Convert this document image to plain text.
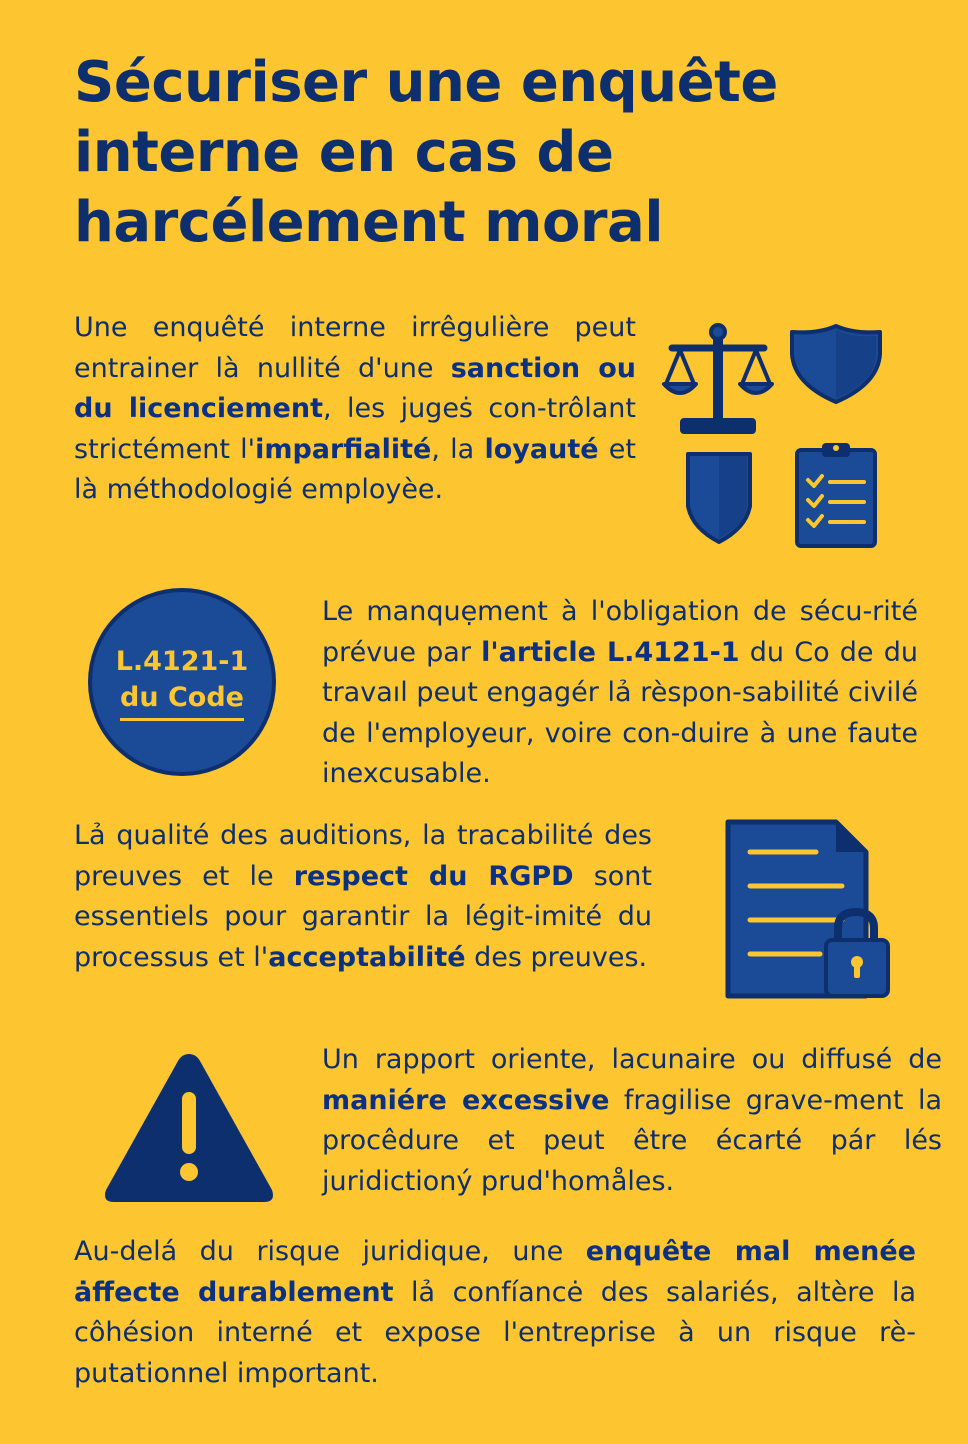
Sécuriser une enquête interne en cas de harcélement moral

Une enquêté interne irrêgulière peut entrainer là nullité d'une sanction ou du licenciement, les jugeṡ con-trôlant strictément l'imparfialité, la loyauté et là méthodologié employèe.

L.4121-1
du Code

Le manquẹment à l'obligation de sécu-rité prévue par l'article L.4121-1 du Co de du travaıl peut engagér lả rèspon-sabilité civilé de l'employeur, voire con-duire à une faute inexcusable.

Lả qualité des auditions, la tracabilité des preuves et le respect du RGPD sont essentiels pour garantir la légit-imité du processus et l'acceptabilité des preuves.

Un rapport oriente, lacunaire ou diffusé de maniére excessive fragilise grave-ment la procêdure et peut être écarté pár lés juridictioný prud'homåles.

Au-delá du risque juridique, une enquête mal menée ȧffecte durablement lả confíancė des salariés, altère la côhésion interné et expose l'entreprise à un risque rè-putationnel important.
